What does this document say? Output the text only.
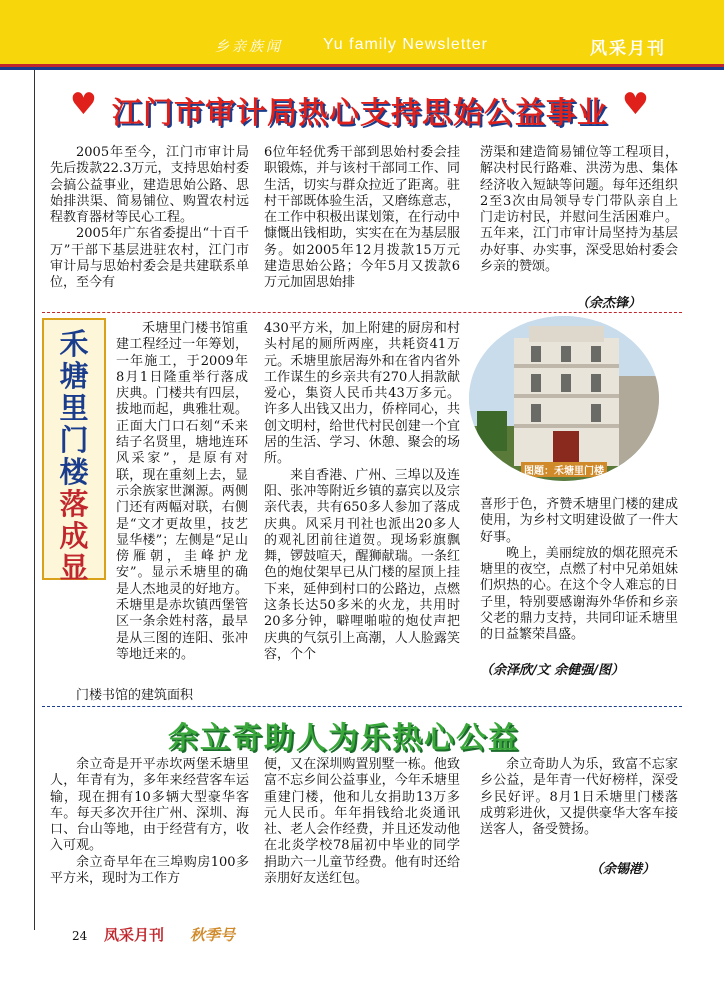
乡亲族闻	Yu family Newsletter	风采月刊
♥	♥
江门市审计局热心支持思始公益事业

2005年至今，江门市审计局先后拨款22.3万元，支持思始村委会搞公益事业，建造思始公路、思始排洪渠、简易铺位、购置农村远程教育器材等民心工程。

2005年广东省委提出“十百千万”干部下基层进驻农村，江门市审计局与思始村委会是共建联系单位，至今有

6位年轻优秀干部到思始村委会挂职锻炼，并与该村干部同工作、同生活，切实与群众拉近了距离。驻村干部既体验生活，又磨练意志，在工作中积极出谋划策，在行动中慷慨出钱相助，实实在在为基层服务。如2005年12月拨款15万元建造思始公路；今年5月又拨款6万元加固思始排

涝渠和建造简易铺位等工程项目，解决村民行路难、洪涝为患、集体经济收入短缺等问题。每年还组织2至3次由局领导专门带队亲自上门走访村民，并慰问生活困难户。五年来，江门市审计局坚持为基层办好事、办实事，深受思始村委会乡亲的赞颂。

（余杰锋）
禾
塘
里
门
楼
落
成
显

禾塘里门楼书馆重建工程经过一年筹划，一年施工，于2009年8月1日隆重举行落成庆典。门楼共有四层，拔地而起，典雅壮观。正面大门口石刻“禾来结子名贤里，塘地连环风采家”，是原有对联，现在重刻上去，显示余族家世渊源。两侧门还有两幅对联，右侧是“文才更故里，技艺显华楼”；左侧是“足山傍雁朝，圭峰护龙安”。显示禾塘里的确是人杰地灵的好地方。禾塘里是赤坎镇西堡管区一条余姓村落，最早是从三图的连阳、张冲等地迁来的。

门楼书馆的建筑面积

430平方米，加上附建的厨房和村头村尾的厕所两座，共耗资41万元。禾塘里旅居海外和在省内省外工作谋生的乡亲共有270人捐款献爱心，集资人民币共43万多元。许多人出钱又出力，侨梓同心，共创文明村，给世代村民创建一个宜居的生活、学习、休憩、聚会的场所。

来自香港、广州、三埠以及连阳、张冲等附近乡镇的嘉宾以及宗亲代表，共有650多人参加了落成庆典。风采月刊社也派出20多人的观礼团前往道贺。现场彩旗飘舞，锣鼓喧天，醒狮献瑞。一条红色的炮仗架早已从门楼的屋顶上挂下来，延伸到村口的公路边，点燃这条长达50多米的火龙，共用时20多分钟，噼哩啪啦的炮仗声把庆典的气氛引上高潮，人人脸露笑容，个个

图题：禾塘里门楼

喜形于色，齐赞禾塘里门楼的建成使用，为乡村文明建设做了一件大好事。

晚上，美丽绽放的烟花照亮禾塘里的夜空，点燃了村中兄弟姐妹们炽热的心。在这个令人难忘的日子里，特别要感谢海外华侨和乡亲父老的鼎力支持，共同印证禾塘里的日益繁荣昌盛。

（余泽欣/文 余健强/图）
余立奇助人为乐热心公益

余立奇是开平赤坎两堡禾塘里人，年青有为，多年来经营客车运输，现在拥有10多辆大型豪华客车。每天多次开往广州、深圳、海口、台山等地，由于经营有方，收入可观。

余立奇早年在三埠购房100多平方米，现时为工作方

便，又在深圳购置别墅一栋。他致富不忘乡间公益事业，今年禾塘里重建门楼，他和儿女捐助13万多元人民币。年年捐钱给北炎通讯社、老人会作经费，并且还发动他在北炎学校78届初中毕业的同学捐助六一儿童节经费。他有时还给亲朋好友送红包。

余立奇助人为乐，致富不忘家乡公益，是年青一代好榜样，深受乡民好评。8月1日禾塘里门楼落成剪彩进伙，又提供豪华大客车接送客人，备受赞扬。

（余锡港）
24 凤采月刊 秋季号
